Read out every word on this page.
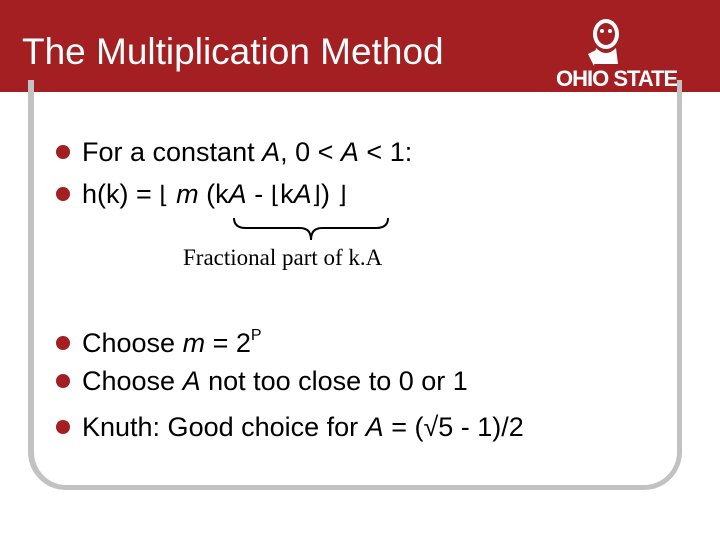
The Multiplication Method
OHIO STATE
BUCKEYES
For a constant A, 0 < A < 1:
h(k) = ⌊ m (kA - ⌊kA⌋) ⌋
Fractional part of k.A
Choose $m = 2^P$
Choose A not too close to 0 or 1
Knuth: Good choice for A = (√5 - 1)/2
